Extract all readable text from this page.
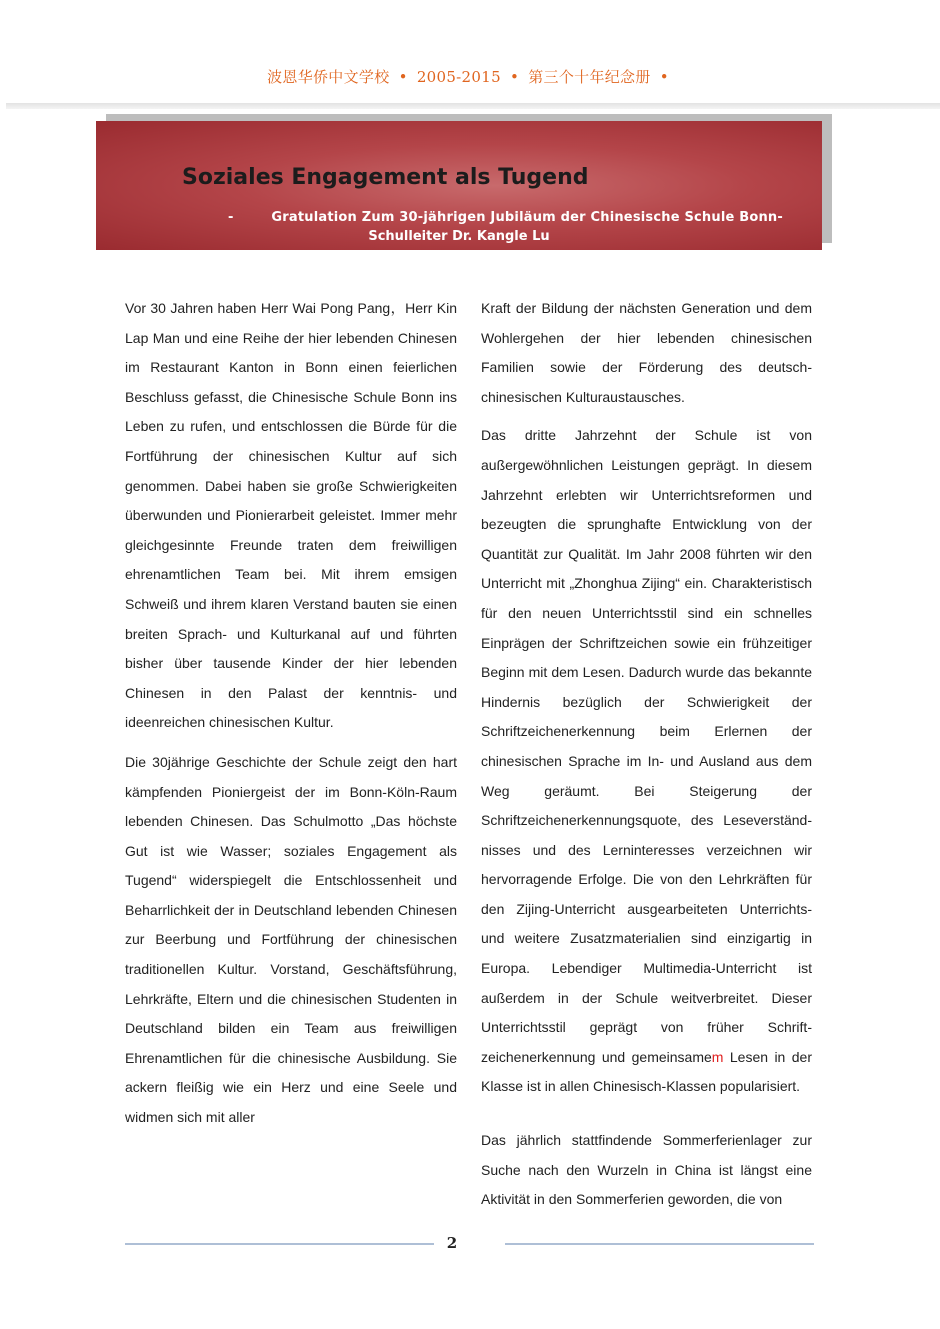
波恩华侨中文学校 • 2005-2015 • 第三个十年纪念册 •
Soziales Engagement als Tugend
-        Gratulation Zum 30-jährigen Jubiläum der Chinesische Schule Bonn-
Schulleiter Dr. Kangle Lu

Vor 30 Jahren haben Herr Wai Pong Pang，Herr Kin Lap Man und eine Reihe der hier lebenden Chinesen im Restaurant Kanton in Bonn einen feierlichen Beschluss gefasst, die Chinesische Schule Bonn ins Leben zu rufen, und entschlossen die Bürde für die Fortführung der chinesischen Kultur auf sich genommen. Dabei haben sie große Schwierigkeiten überwunden und Pionierarbeit geleistet. Immer mehr gleichgesinnte Freunde traten dem freiwilligen ehrenamtlichen Team bei. Mit ihrem emsigen Schweiß und ihrem klaren Verstand bauten sie einen breiten Sprach- und Kulturkanal auf und führten bisher über tausende Kinder der hier lebenden Chinesen in den Palast der kenntnis- und ideenreichen chinesischen Kultur.

Die 30jährige Geschichte der Schule zeigt den hart kämpfenden Pioniergeist der im Bonn-Köln-Raum lebenden Chinesen. Das Schulmotto „Das höchste Gut ist wie Wasser; soziales Engagement als Tugend“ widerspiegelt die Entschlossenheit und Beharrlichkeit der in Deutschland lebenden Chinesen zur Beerbung und Fortführung der chinesischen traditionellen Kultur. Vorstand, Geschäftsführung, Lehrkräfte, Eltern und die chinesischen Studenten in Deutschland bilden ein Team aus freiwilligen Ehrenamtlichen für die chinesische Ausbildung. Sie ackern fleißig wie ein Herz und eine Seele und widmen sich mit aller

Kraft der Bildung der nächsten Generation und dem Wohlergehen der hier lebenden chinesischen Familien sowie der Förderung des deutsch-chinesischen Kulturaustausches.

Das dritte Jahrzehnt der Schule ist von außergewöhnlichen Leistungen geprägt. In diesem Jahrzehnt erlebten wir Unterrichtsreformen und bezeugten die sprunghafte Entwicklung von der Quantität zur Qualität. Im Jahr 2008 führten wir den Unterricht mit „Zhonghua Zijing“ ein. Charakteristisch für den neuen Unterrichtsstil sind ein schnelles Einprägen der Schriftzeichen sowie ein frühzeitiger Beginn mit dem Lesen. Dadurch wurde das bekannte Hindernis bezüglich der Schwierigkeit der Schriftzeichenerkennung beim Erlernen der chinesischen Sprache im In- und Ausland aus dem Weg geräumt. Bei Steigerung der Schriftzeichenerkennungsquote, des Leseverständ-nisses und des Lerninteresses verzeichnen wir hervorragende Erfolge. Die von den Lehrkräften für den Zijing-Unterricht ausgearbeiteten Unterrichts- und weitere Zusatzmaterialien sind einzigartig in Europa. Lebendiger Multimedia-Unterricht ist außerdem in der Schule weitverbreitet. Dieser Unterrichtsstil geprägt von früher Schrift-zeichenerkennung und gemeinsamem Lesen in der Klasse ist in allen Chinesisch-Klassen popularisiert.

Das jährlich stattfindende Sommerferienlager zur Suche nach den Wurzeln in China ist längst eine Aktivität in den Sommerferien geworden, die von

2
